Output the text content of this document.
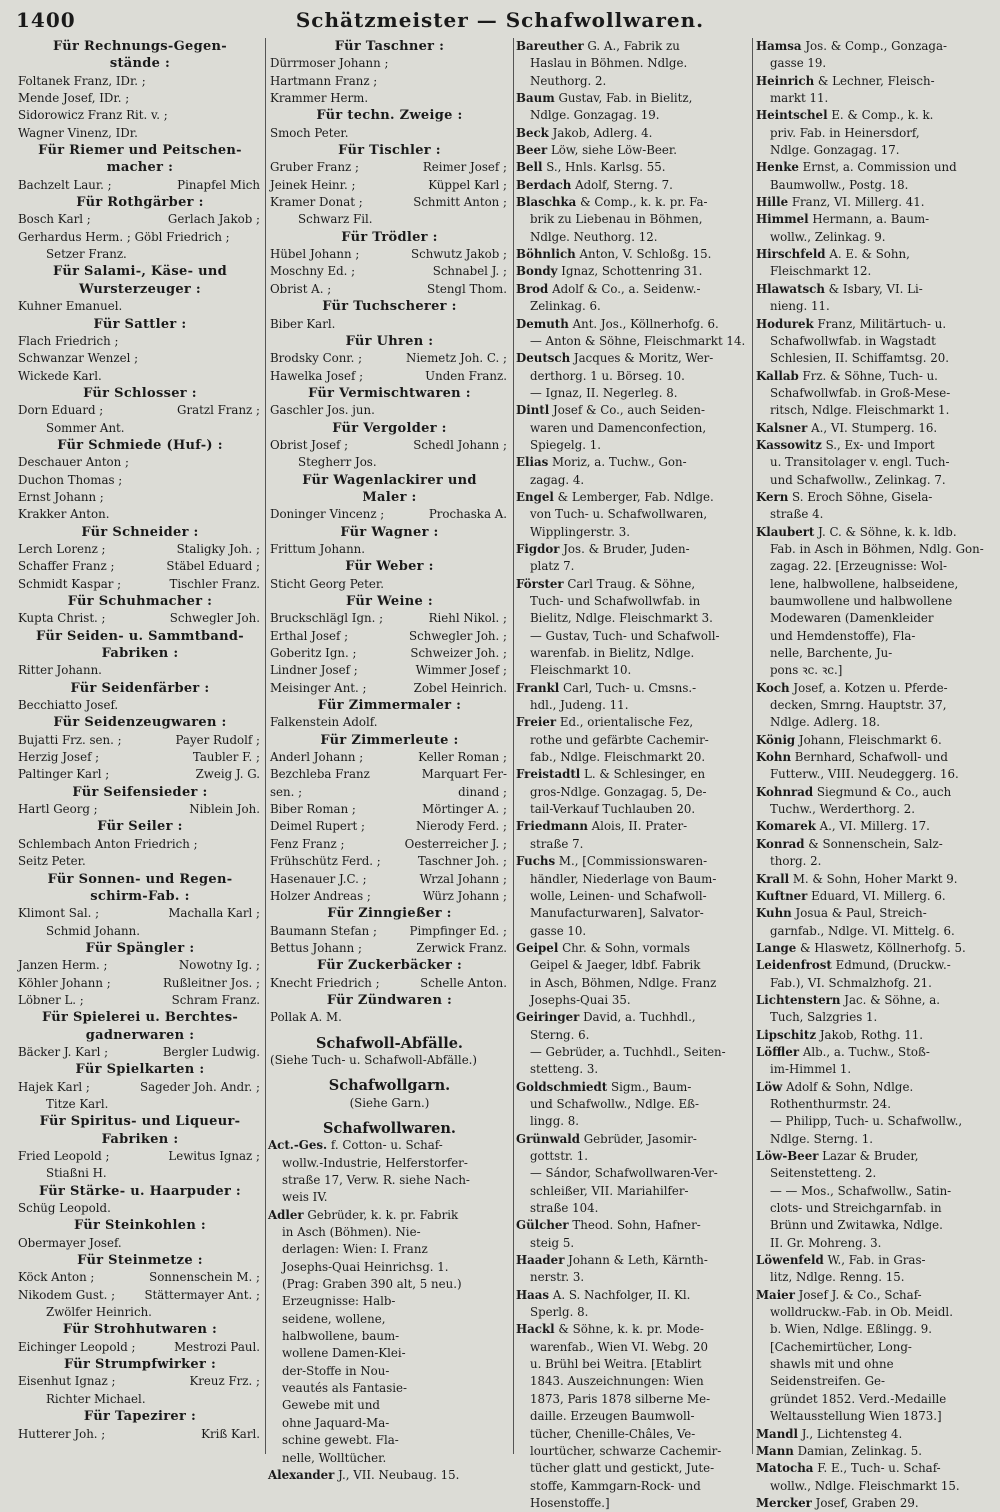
1400	Schätzmeister — Schafwollwaren.
Für Rechnungs-Gegen-
stände :
Foltanek Franz, IDr. ;
Mende Josef, IDr. ;
Sidorowicz Franz Rit. v. ;
Wagner Vinenz, IDr.
Für Riemer und Peitschen-
macher :
Bachzelt Laur. ;	Pinapfel Mich
Für Rothgärber :
Bosch Karl ;	Gerlach Jakob ;
Gerhardus Herm. ; Göbl Friedrich ;
Setzer Franz.
Für Salami-, Käse- und
Wursterzeuger :
Kuhner Emanuel.
Für Sattler :
Flach Friedrich ;
Schwanzar Wenzel ;
Wickede Karl.
Für Schlosser :
Dorn Eduard ;	Gratzl Franz ;
Sommer Ant.
Für Schmiede (Huf-) :
Deschauer Anton ;
Duchon Thomas ;
Ernst Johann ;
Krakker Anton.
Für Schneider :
Lerch Lorenz ;	Staligky Joh. ;
Schaffer Franz ;	Stäbel Eduard ;
Schmidt Kaspar ;	Tischler Franz.
Für Schuhmacher :
Kupta Christ. ;	Schwegler Joh.
Für Seiden- u. Sammtband-
Fabriken :
Ritter Johann.
Für Seidenfärber :
Becchiatto Josef.
Für Seidenzeugwaren :
Bujatti Frz. sen. ;	Payer Rudolf ;
Herzig Josef ;	Taubler F. ;
Paltinger Karl ;	Zweig J. G.
Für Seifensieder :
Hartl Georg ;	Niblein Joh.
Für Seiler :
Schlembach Anton Friedrich ;
Seitz Peter.
Für Sonnen- und Regen-
schirm-Fab. :
Klimont Sal. ;	Machalla Karl ;
Schmid Johann.
Für Spängler :
Janzen Herm. ;	Nowotny Ig. ;
Köhler Johann ;	Rußleitner Jos. ;
Löbner L. ;	Schram Franz.
Für Spielerei u. Berchtes-
gadnerwaren :
Bäcker J. Karl ;	Bergler Ludwig.
Für Spielkarten :
Hajek Karl ;	Sageder Joh. Andr. ;
Titze Karl.
Für Spiritus- und Liqueur-
Fabriken :
Fried Leopold ;	Lewitus Ignaz ;
Stiaßni H.
Für Stärke- u. Haarpuder :
Schüg Leopold.
Für Steinkohlen :
Obermayer Josef.
Für Steinmetze :
Köck Anton ;	Sonnenschein M. ;
Nikodem Gust. ; Stättermayer Ant. ;
Zwölfer Heinrich.
Für Strohhutwaren :
Eichinger Leopold ;	Mestrozi Paul.
Für Strumpfwirker :
Eisenhut Ignaz ;	Kreuz Frz. ;
Richter Michael.
Für Tapezirer :
Hutterer Joh. ;	Kriß Karl.
Für Taschner :
Dürrmoser Johann ;
Hartmann Franz ;
Krammer Herm.
Für techn. Zweige :
Smoch Peter.
Für Tischler :
Gruber Franz ;	Reimer Josef ;
Jeinek Heinr. ;	Küppel Karl ;
Kramer Donat ;	Schmitt Anton ;
Schwarz Fil.
Für Trödler :
Hübel Johann ;	Schwutz Jakob ;
Moschny Ed. ;	Schnabel J. ;
Obrist A. ;	Stengl Thom.
Für Tuchscherer :
Biber Karl.
Für Uhren :
Brodsky Conr. ;	Niemetz Joh. C. ;
Hawelka Josef ;	Unden Franz.
Für Vermischtwaren :
Gaschler Jos. jun.
Für Vergolder :
Obrist Josef ;	Schedl Johann ;
Stegherr Jos.
Für Wagenlackirer und
Maler :
Doninger Vincenz ;	Prochaska A.
Für Wagner :
Frittum Johann.
Für Weber :
Sticht Georg Peter.
Für Weine :
Bruckschlägl Ign. ;	Riehl Nikol. ;
Erthal Josef ;	Schwegler Joh. ;
Goberitz Ign. ;	Schweizer Joh. ;
Lindner Josef ;	Wimmer Josef ;
Meisinger Ant. ;	Zobel Heinrich.
Für Zimmermaler :
Falkenstein Adolf.
Für Zimmerleute :
Anderl Johann ;	Keller Roman ;
Bezchleba Franz	Marquart Fer-
sen. ;	dinand ;
Biber Roman ;	Mörtinger A. ;
Deimel Rupert ;	Nierody Ferd. ;
Fenz Franz ;	Oesterreicher J. ;
Frühschütz Ferd. ;	Taschner Joh. ;
Hasenauer J.C. ;	Wrzal Johann ;
Holzer Andreas ;	Würz Johann ;
Für Zinngießer :
Baumann Stefan ;	Pimpfinger Ed. ;
Bettus Johann ;	Zerwick Franz.
Für Zuckerbäcker :
Knecht Friedrich ;	Schelle Anton.
Für Zündwaren :
Pollak A. M.
Schafwoll-Abfälle.
(Siehe Tuch- u. Schafwoll-Abfälle.)
Schafwollgarn.
(Siehe Garn.)
Schafwollwaren.
Act.-Ges. f. Cotton- u. Schaf-
wollw.-Industrie, Helferstorfer-
straße 17, Verw. R. siehe Nach-
weis IV.
Adler Gebrüder, k. k. pr. Fabrik
in Asch (Böhmen). Nie-
derlagen: Wien: I. Franz
Josephs-Quai Heinrichsg. 1.
(Prag: Graben 390 alt, 5 neu.)
Erzeugnisse: Halb-
seidene, wollene,
halbwollene, baum-
wollene Damen-Klei-
der-Stoffe in Nou-
veautés als Fantasie-
Gewebe mit und
ohne Jaquard-Ma-
schine gewebt. Fla-
nelle, Wolltücher.
Alexander J., VII. Neubaug. 15.
Bareuther G. A., Fabrik zu
Haslau in Böhmen. Ndlge.
Neuthorg. 2.
Baum Gustav, Fab. in Bielitz,
Ndlge. Gonzagag. 19.
Beck Jakob, Adlerg. 4.
Beer Löw, siehe Löw-Beer.
Bell S., Hnls. Karlsg. 55.
Berdach Adolf, Sterng. 7.
Blaschka & Comp., k. k. pr. Fa-
brik zu Liebenau in Böhmen,
Ndlge. Neuthorg. 12.
Böhnlich Anton, V. Schloßg. 15.
Bondy Ignaz, Schottenring 31.
Brod Adolf & Co., a. Seidenw.-
Zelinkag. 6.
Demuth Ant. Jos., Köllnerhofg. 6.
— Anton & Söhne, Fleischmarkt 14.
Deutsch Jacques & Moritz, Wer-
derthorg. 1 u. Börseg. 10.
— Ignaz, II. Negerleg. 8.
Dintl Josef & Co., auch Seiden-
waren und Damenconfection,
Spiegelg. 1.
Elias Moriz, a. Tuchw., Gon-
zagag. 4.
Engel & Lemberger, Fab. Ndlge.
von Tuch- u. Schafwollwaren,
Wipplingerstr. 3.
Figdor Jos. & Bruder, Juden-
platz 7.
Förster Carl Traug. & Söhne,
Tuch- und Schafwollwfab. in
Bielitz, Ndlge. Fleischmarkt 3.
— Gustav, Tuch- und Schafwoll-
warenfab. in Bielitz, Ndlge.
Fleischmarkt 10.
Frankl Carl, Tuch- u. Cmsns.-
hdl., Judeng. 11.
Freier Ed., orientalische Fez,
rothe und gefärbte Cachemir-
fab., Ndlge. Fleischmarkt 20.
Freistadtl L. & Schlesinger, en
gros-Ndlge. Gonzagag. 5, De-
tail-Verkauf Tuchlauben 20.
Friedmann Alois, II. Prater-
straße 7.
Fuchs M., [Commissionswaren-
händler, Niederlage von Baum-
wolle, Leinen- und Schafwoll-
Manufacturwaren], Salvator-
gasse 10.
Geipel Chr. & Sohn, vormals
Geipel & Jaeger, ldbf. Fabrik
in Asch, Böhmen, Ndlge. Franz
Josephs-Quai 35.
Geiringer David, a. Tuchhdl.,
Sterng. 6.
— Gebrüder, a. Tuchhdl., Seiten-
stetteng. 3.
Goldschmiedt Sigm., Baum-
und Schafwollw., Ndlge. Eß-
lingg. 8.
Grünwald Gebrüder, Jasomir-
gottstr. 1.
— Sándor, Schafwollwaren-Ver-
schleißer, VII. Mariahilfer-
straße 104.
Gülcher Theod. Sohn, Hafner-
steig 5.
Haader Johann & Leth, Kärnth-
nerstr. 3.
Haas A. S. Nachfolger, II. Kl.
Sperlg. 8.
Hackl & Söhne, k. k. pr. Mode-
warenfab., Wien VI. Webg. 20
u. Brühl bei Weitra. [Etablirt
1843. Auszeichnungen: Wien
1873, Paris 1878 silberne Me-
daille. Erzeugen Baumwoll-
tücher, Chenille-Châles, Ve-
lourtücher, schwarze Cachemir-
tücher glatt und gestickt, Jute-
stoffe, Kammgarn-Rock- und
Hosenstoffe.]
Hamsa Jos. & Comp., Gonzaga-
gasse 19.
Heinrich & Lechner, Fleisch-
markt 11.
Heintschel E. & Comp., k. k.
priv. Fab. in Heinersdorf,
Ndlge. Gonzagag. 17.
Henke Ernst, a. Commission und
Baumwollw., Postg. 18.
Hille Franz, VI. Millerg. 41.
Himmel Hermann, a. Baum-
wollw., Zelinkag. 9.
Hirschfeld A. E. & Sohn,
Fleischmarkt 12.
Hlawatsch & Isbary, VI. Li-
nieng. 11.
Hodurek Franz, Militärtuch- u.
Schafwollwfab. in Wagstadt
Schlesien, II. Schiffamtsg. 20.
Kallab Frz. & Söhne, Tuch- u.
Schafwollwfab. in Groß-Mese-
ritsch, Ndlge. Fleischmarkt 1.
Kalsner A., VI. Stumperg. 16.
Kassowitz S., Ex- und Import
u. Transitolager v. engl. Tuch-
und Schafwollw., Zelinkag. 7.
Kern S. Eroch Söhne, Gisela-
straße 4.
Klaubert J. C. & Söhne, k. k. ldb.
Fab. in Asch in Böhmen, Ndlg. Gon-
zagag. 22. [Erzeugnisse: Wol-
lene, halbwollene, halbseidene,
baumwollene und halbwollene
Modewaren (Damenkleider
und Hemdenstoffe), Fla-
nelle, Barchente, Ju-
pons ꝛc. ꝛc.]
Koch Josef, a. Kotzen u. Pferde-
decken, Smrng. Hauptstr. 37,
Ndlge. Adlerg. 18.
König Johann, Fleischmarkt 6.
Kohn Bernhard, Schafwoll- und
Futterw., VIII. Neudeggerg. 16.
Kohnrad Siegmund & Co., auch
Tuchw., Werderthorg. 2.
Komarek A., VI. Millerg. 17.
Konrad & Sonnenschein, Salz-
thorg. 2.
Krall M. & Sohn, Hoher Markt 9.
Kuftner Eduard, VI. Millerg. 6.
Kuhn Josua & Paul, Streich-
garnfab., Ndlge. VI. Mittelg. 6.
Lange & Hlaswetz, Köllnerhofg. 5.
Leidenfrost Edmund, (Druckw.-
Fab.), VI. Schmalzhofg. 21.
Lichtenstern Jac. & Söhne, a.
Tuch, Salzgries 1.
Lipschitz Jakob, Rothg. 11.
Löffler Alb., a. Tuchw., Stoß-
im-Himmel 1.
Löw Adolf & Sohn, Ndlge.
Rothenthurmstr. 24.
— Philipp, Tuch- u. Schafwollw.,
Ndlge. Sterng. 1.
Löw-Beer Lazar & Bruder,
Seitenstetteng. 2.
— — Mos., Schafwollw., Satin-
clots- und Streichgarnfab. in
Brünn und Zwitawka, Ndlge.
II. Gr. Mohreng. 3.
Löwenfeld W., Fab. in Gras-
litz, Ndlge. Renng. 15.
Maier Josef J. & Co., Schaf-
wolldruckw.-Fab. in Ob. Meidl.
b. Wien, Ndlge. Eßlingg. 9.
[Cachemirtücher, Long-
shawls mit und ohne
Seidenstreifen. Ge-
gründet 1852. Verd.-Medaille
Weltausstellung Wien 1873.]
Mandl J., Lichtensteg 4.
Mann Damian, Zelinkag. 5.
Matocha F. E., Tuch- u. Schaf-
wollw., Ndlge. Fleischmarkt 15.
Mercker Josef, Graben 29.
